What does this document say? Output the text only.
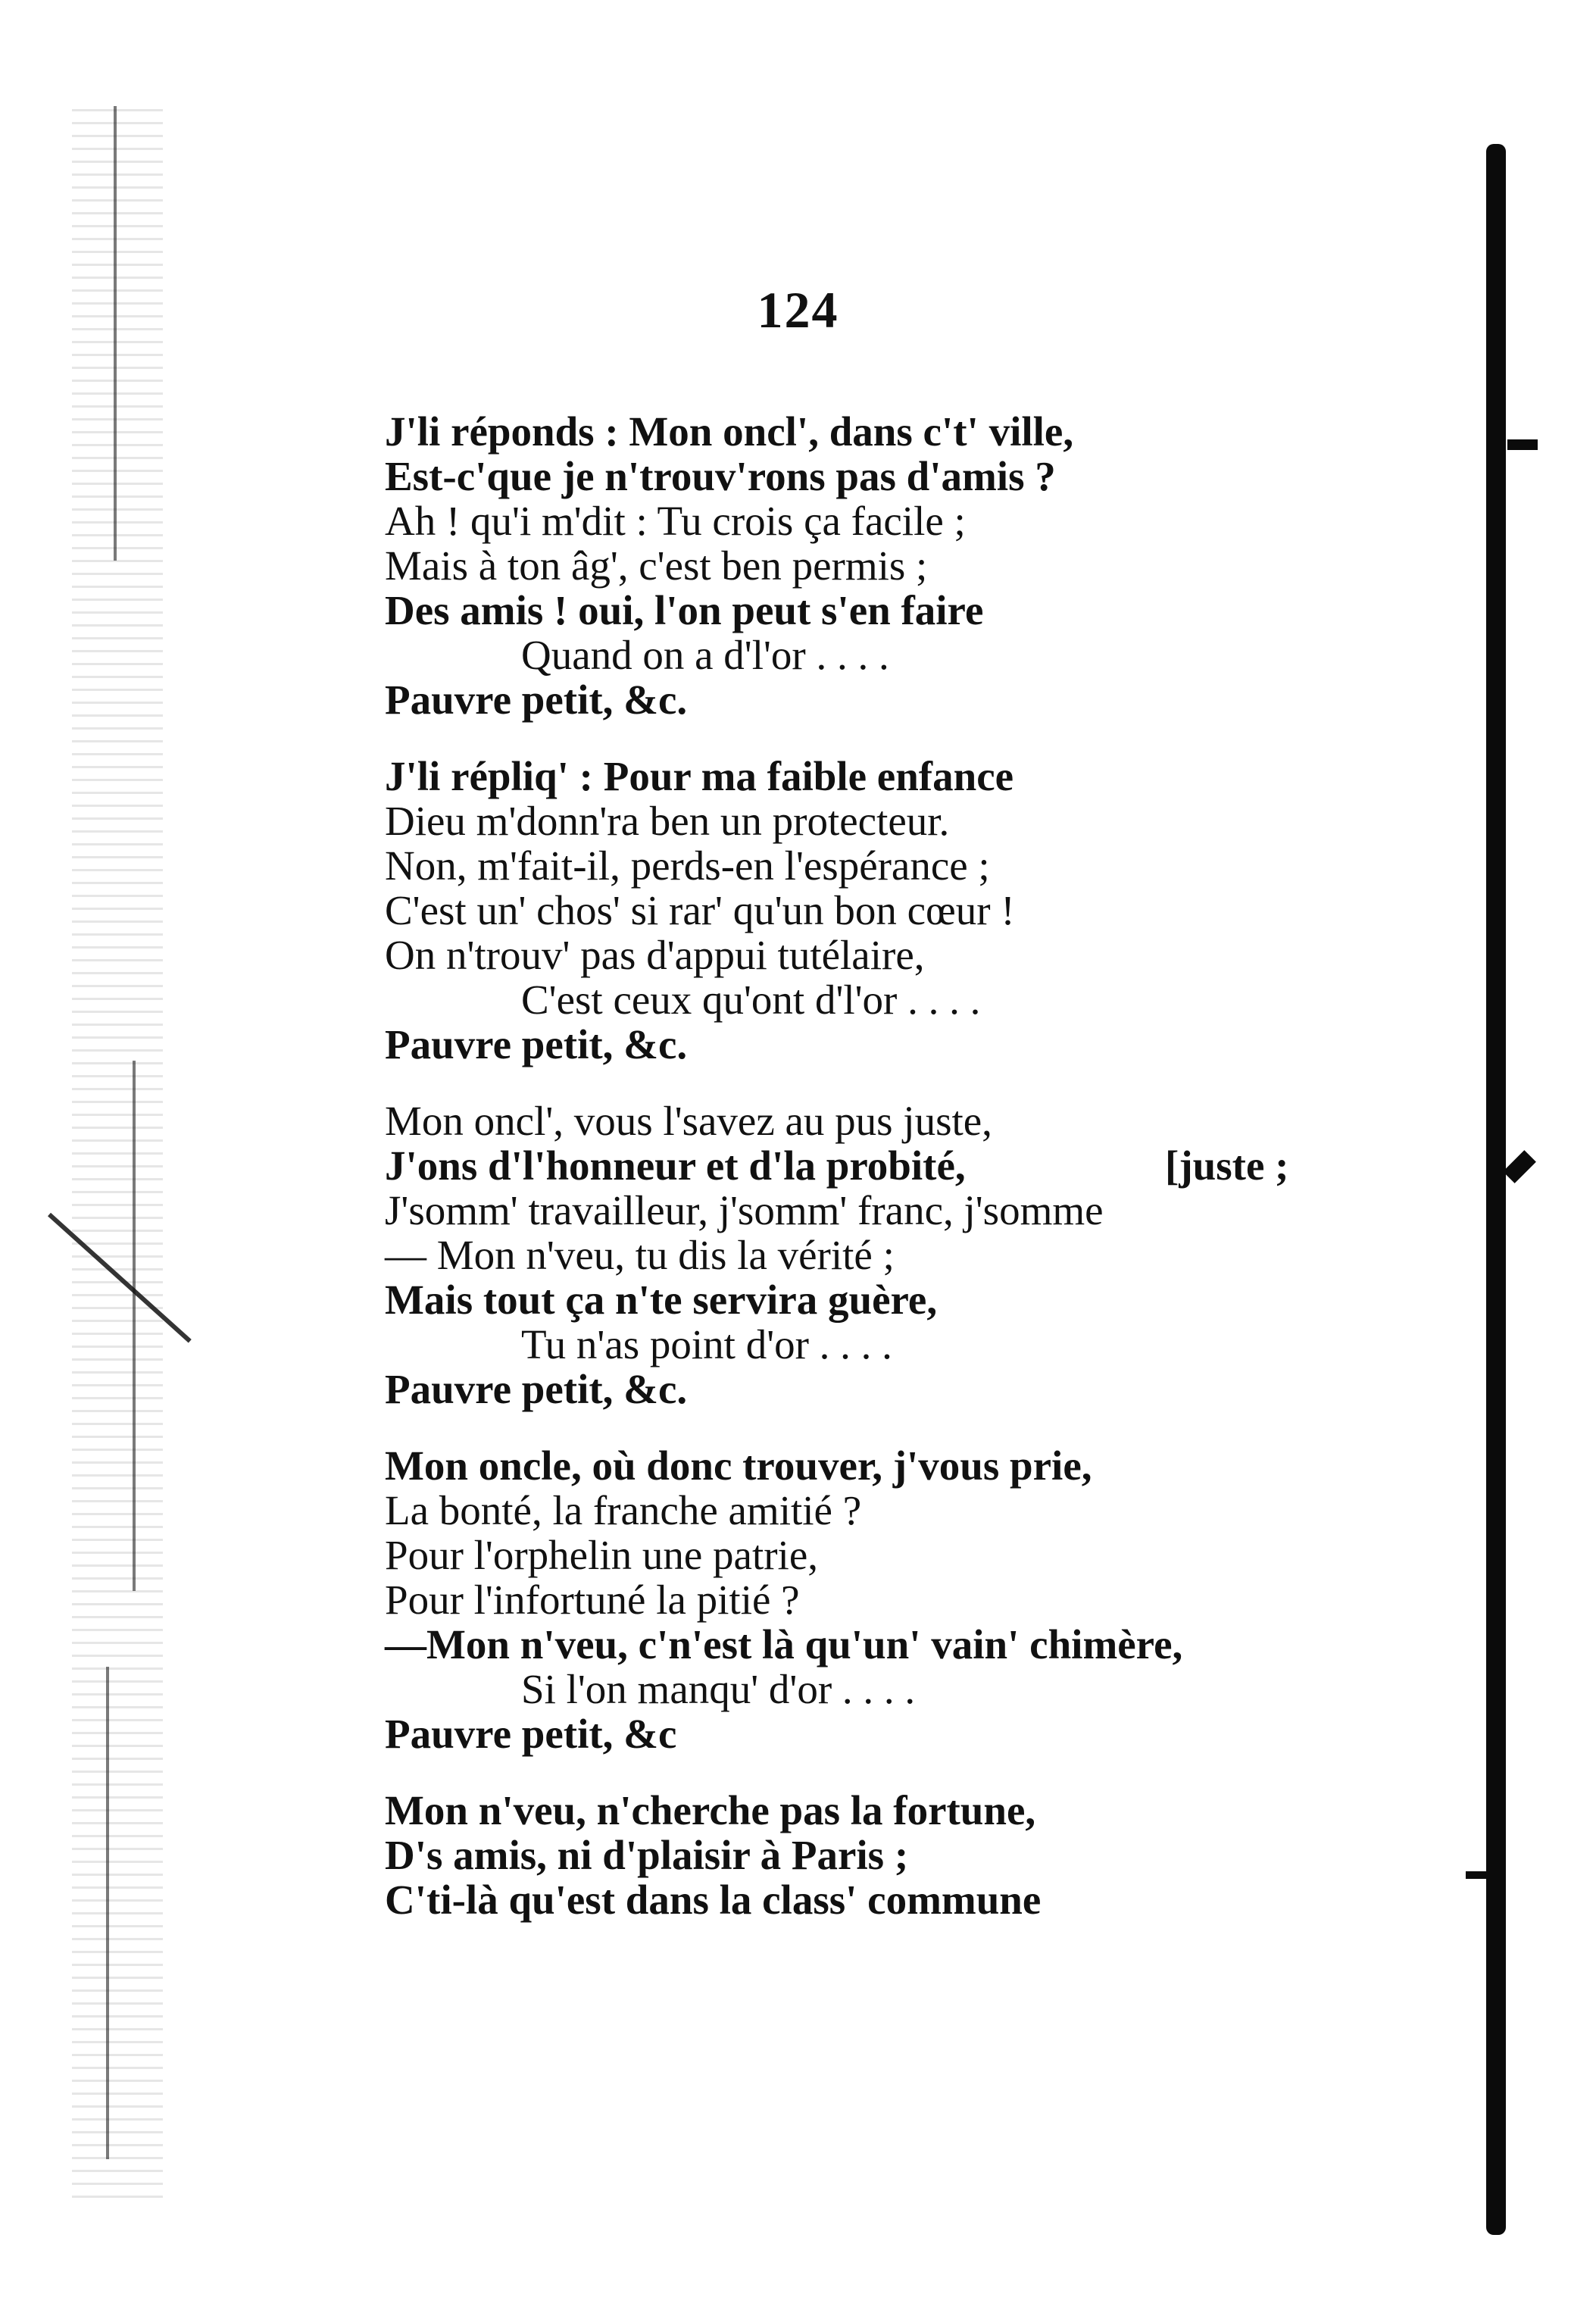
124
J'li réponds : Mon oncl', dans c't' ville,
Est-c'que je n'trouv'rons pas d'amis ?
Ah ! qu'i m'dit : Tu crois ça facile ;
Mais à ton âg', c'est ben permis ;
Des amis ! oui, l'on peut s'en faire
Quand on a d'l'or . . . .
Pauvre petit, &c.
J'li répliq' : Pour ma faible enfance
Dieu m'donn'ra ben un protecteur.
Non, m'fait-il, perds-en l'espérance ;
C'est un' chos' si rar' qu'un bon cœur !
On n'trouv' pas d'appui tutélaire,
C'est ceux qu'ont d'l'or . . . .
Pauvre petit, &c.
Mon oncl', vous l'savez au pus juste,
J'ons d'l'honneur et d'la probité,	[juste ;
J'somm' travailleur, j'somm' franc, j'somme
— Mon n'veu, tu dis la vérité ;
Mais tout ça n'te servira guère,
Tu n'as point d'or . . . .
Pauvre petit, &c.
Mon oncle, où donc trouver, j'vous prie,
La bonté, la franche amitié ?
Pour l'orphelin une patrie,
Pour l'infortuné la pitié ?
—Mon n'veu, c'n'est là qu'un' vain' chimère,
Si l'on manqu' d'or . . . .
Pauvre petit, &c
Mon n'veu, n'cherche pas la fortune,
D's amis, ni d'plaisir à Paris ;
C'ti-là qu'est dans la class' commune
